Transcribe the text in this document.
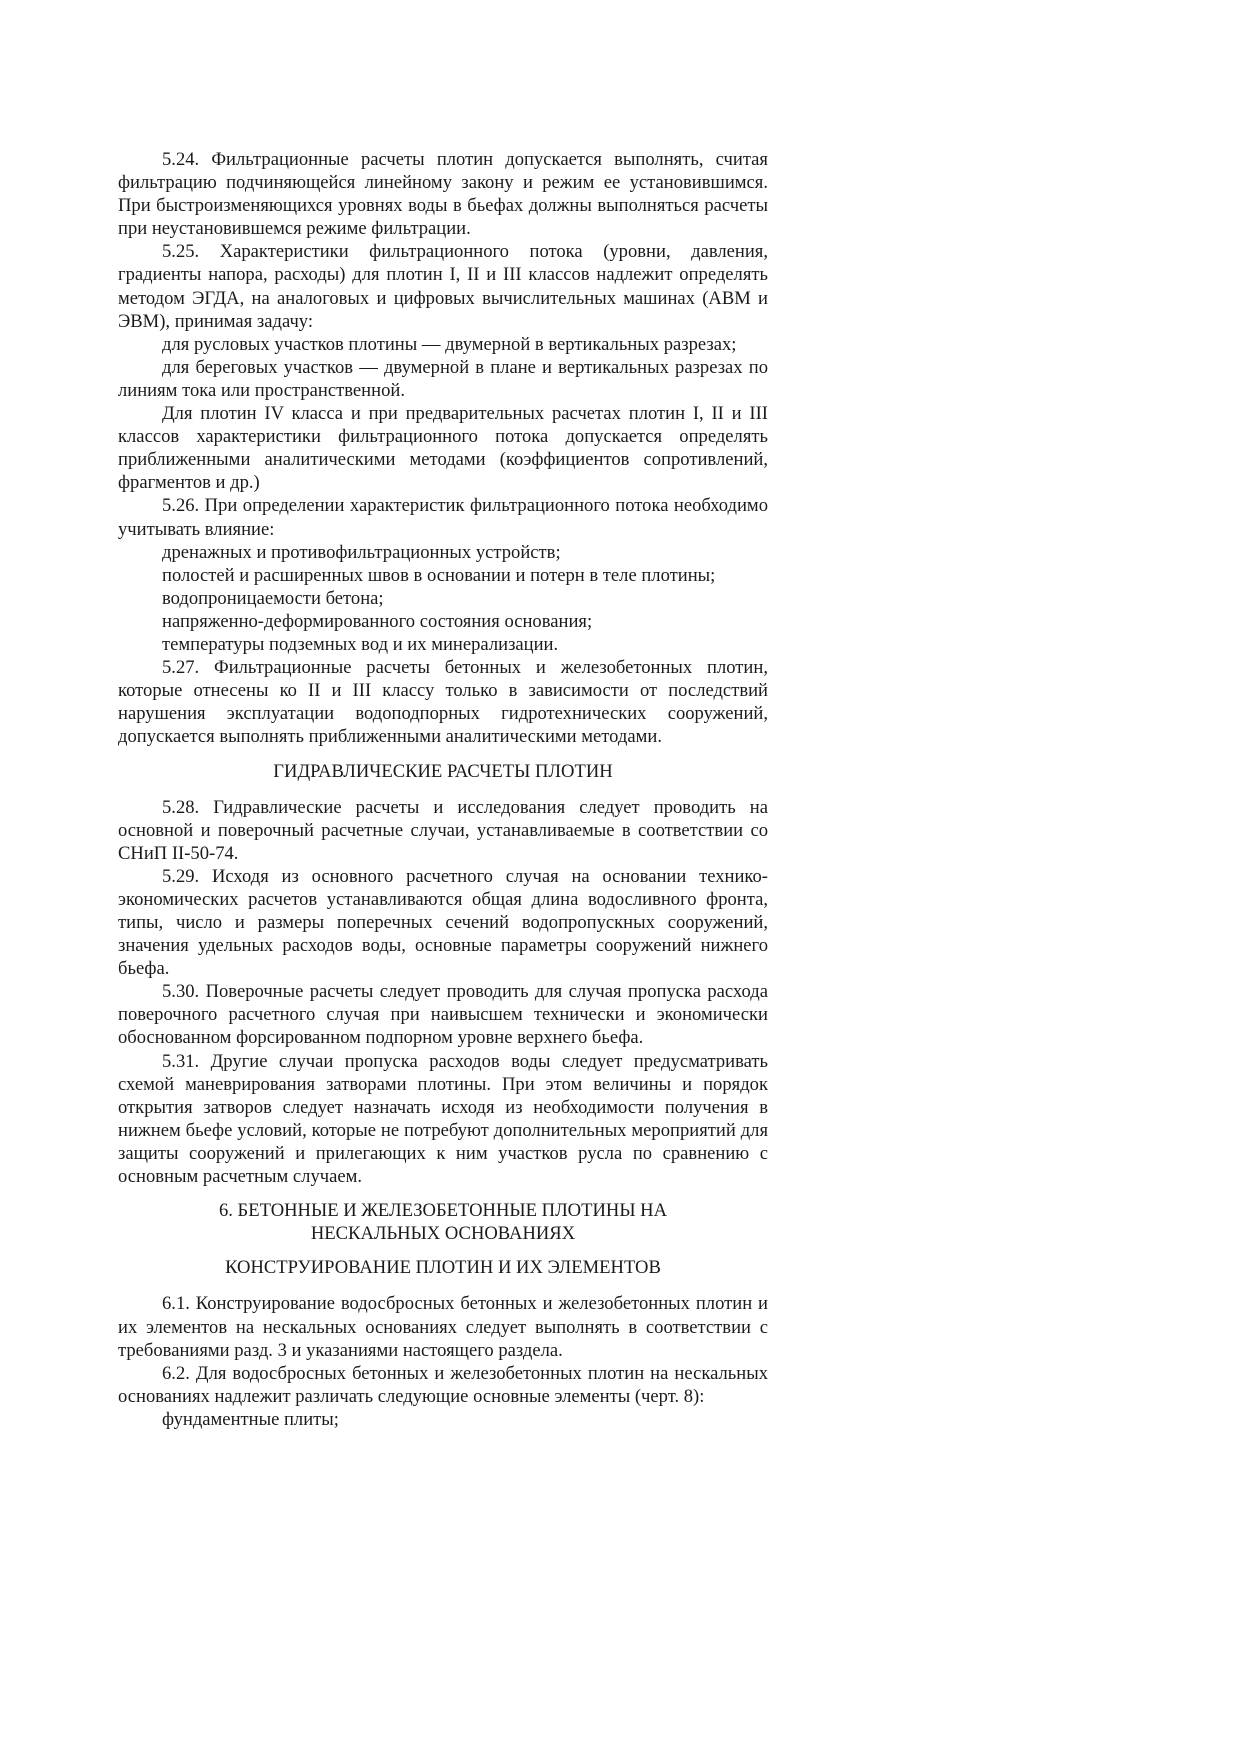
5.24. Фильтрационные расчеты плотин допускается выполнять, считая фильтрацию подчиняющейся линейному закону и режим ее установившимся. При быстроизменяющихся уровнях воды в бьефах должны выполняться расчеты при неустановившемся режиме фильтрации.

5.25. Характеристики фильтрационного потока (уровни, давления, градиенты напора, расходы) для плотин I, II и III классов надлежит определять методом ЭГДА, на аналоговых и цифровых вычислительных машинах (АВМ и ЭВМ), принимая задачу:

для русловых участков плотины — двумерной в вертикальных разрезах;

для береговых участков — двумерной в плане и вертикальных разрезах по линиям тока или пространственной.

Для плотин IV класса и при предварительных расчетах плотин I, II и III классов характеристики фильтрационного потока допускается определять приближенными аналитическими методами (коэффициентов сопротивлений, фрагментов и др.)

5.26. При определении характеристик фильтрационного потока необходимо учитывать влияние:

дренажных и противофильтрационных устройств;

полостей и расширенных швов в основании и потерн в теле плотины;

водопроницаемости бетона;

напряженно-деформированного состояния основания;

температуры подземных вод и их минерализации.

5.27. Фильтрационные расчеты бетонных и железобетонных плотин, которые отнесены ко II и III классу только в зависимости от последствий нарушения эксплуатации водоподпорных гидротехнических сооружений, допускается выполнять приближенными аналитическими методами.

ГИДРАВЛИЧЕСКИЕ РАСЧЕТЫ ПЛОТИН

5.28. Гидравлические расчеты и исследования следует проводить на основной и поверочный расчетные случаи, устанавливаемые в соответствии со СНиП II-50-74.

5.29. Исходя из основного расчетного случая на основании технико-экономических расчетов устанавливаются общая длина водосливного фронта, типы, число и размеры поперечных сечений водопропускных сооружений, значения удельных расходов воды, основные параметры сооружений нижнего бьефа.

5.30. Поверочные расчеты следует проводить для случая пропуска расхода поверочного расчетного случая при наивысшем технически и экономически обоснованном форсированном подпорном уровне верхнего бьефа.

5.31. Другие случаи пропуска расходов воды следует предусматривать схемой маневрирования затворами плотины. При этом величины и порядок открытия затворов следует назначать исходя из необходимости получения в нижнем бьефе условий, которые не потребуют дополнительных мероприятий для защиты сооружений и прилегающих к ним участков русла по сравнению с основным расчетным случаем.

6. БЕТОННЫЕ И ЖЕЛЕЗОБЕТОННЫЕ ПЛОТИНЫ НА НЕСКАЛЬНЫХ ОСНОВАНИЯХ

КОНСТРУИРОВАНИЕ ПЛОТИН И ИХ ЭЛЕМЕНТОВ

6.1. Конструирование водосбросных бетонных и железобетонных плотин и их элементов на нескальных основаниях следует выполнять в соответствии с требованиями разд. 3 и указаниями настоящего раздела.

6.2. Для водосбросных бетонных и железобетонных плотин на нескальных основаниях надлежит различать следующие основные элементы (черт. 8):

фундаментные плиты;
